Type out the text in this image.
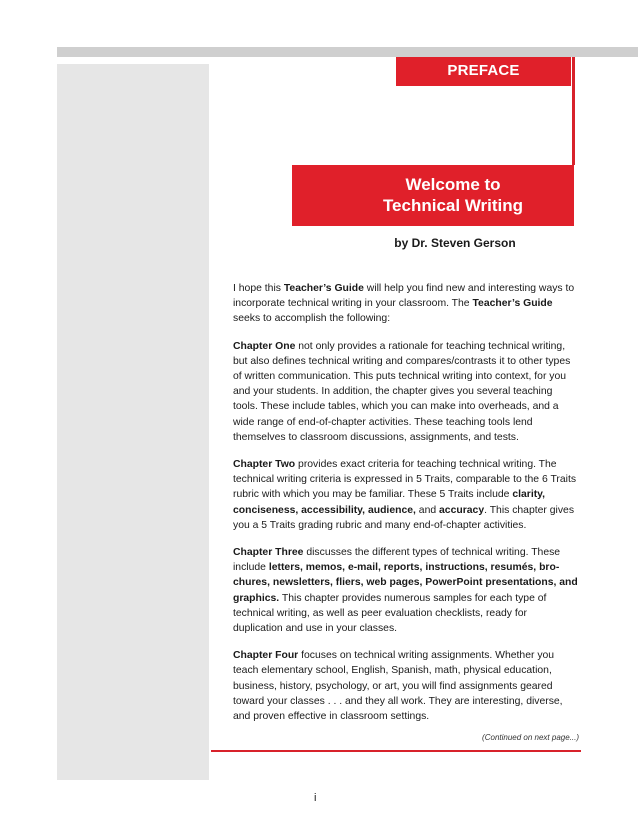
PREFACE
Welcome to
Technical Writing
by Dr. Steven Gerson

I hope this Teacher’s Guide will help you find new and interesting ways to incorporate technical writing in your classroom. The Teacher’s Guide seeks to accomplish the following:

Chapter One not only provides a rationale for teaching technical writing, but also defines technical writing and compares/contrasts it to other types of written communication. This puts technical writing into context, for you and your students. In addition, the chapter gives you several teaching tools. These include tables, which you can make into overheads, and a wide range of end-of-chapter activities. These teaching tools lend themselves to classroom discussions, assignments, and tests.

Chapter Two provides exact criteria for teaching technical writing. The technical writing criteria is expressed in 5 Traits, comparable to the 6 Traits rubric with which you may be familiar. These 5 Traits include clarity, conciseness, accessibility, audience, and accuracy. This chapter gives you a 5 Traits grading rubric and many end-of-chapter activities.

Chapter Three discusses the different types of technical writing. These include letters, memos, e-mail, reports, instructions, resumés, bro-chures, newsletters, fliers, web pages, PowerPoint presentations, and graphics. This chapter provides numerous samples for each type of technical writing, as well as peer evaluation checklists, ready for duplication and use in your classes.

Chapter Four focuses on technical writing assignments. Whether you teach elementary school, English, Spanish, math, physical education, business, history, psychology, or art, you will find assignments geared toward your classes . . . and they all work. They are interesting, diverse, and proven effective in classroom settings.

(Continued on next page...)
i
